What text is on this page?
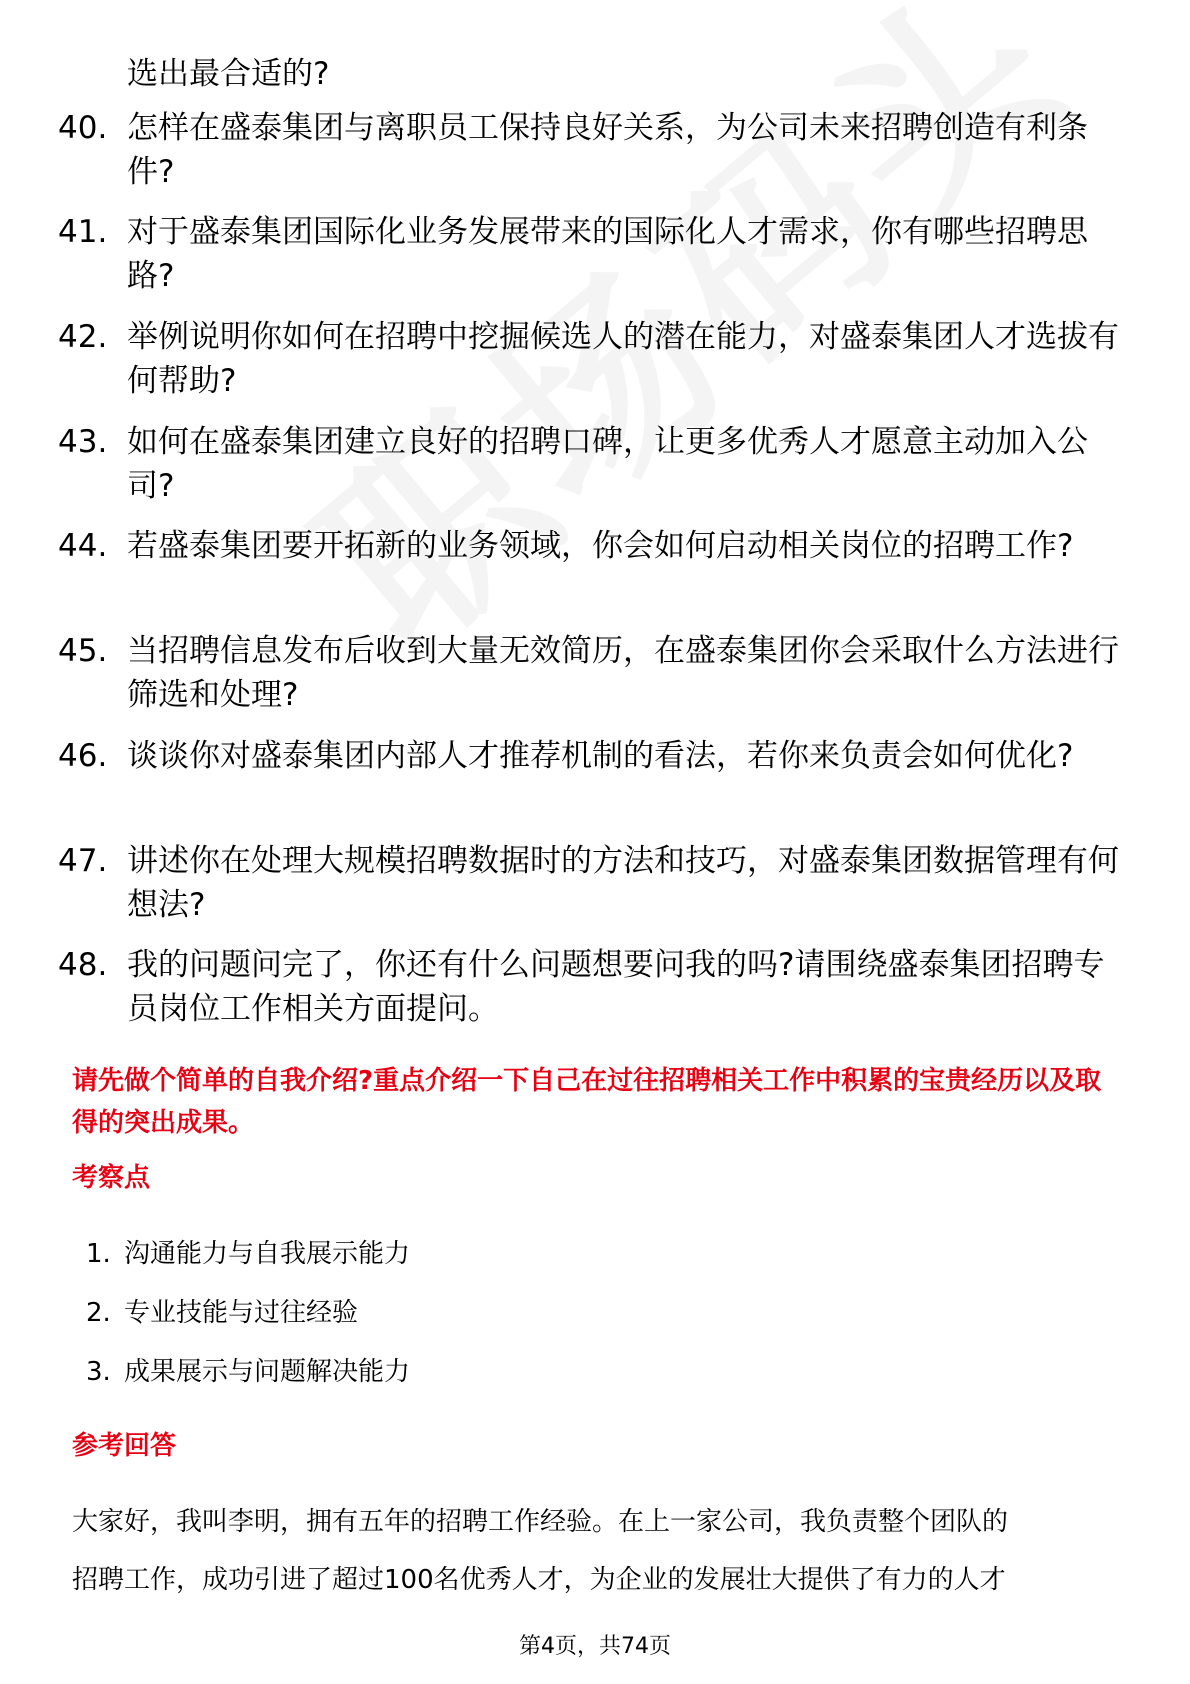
选出最合适的?
40. 怎样在盛泰集团与离职员工保持良好关系，为公司未来招聘创造有利条件?
41. 对于盛泰集团国际化业务发展带来的国际化人才需求，你有哪些招聘思路?
42. 举例说明你如何在招聘中挖掘候选人的潜在能力，对盛泰集团人才选拔有何帮助?
43. 如何在盛泰集团建立良好的招聘口碑，让更多优秀人才愿意主动加入公司?
44. 若盛泰集团要开拓新的业务领域，你会如何启动相关岗位的招聘工作?
45. 当招聘信息发布后收到大量无效简历，在盛泰集团你会采取什么方法进行筛选和处理?
46. 谈谈你对盛泰集团内部人才推荐机制的看法，若你来负责会如何优化?
47. 讲述你在处理大规模招聘数据时的方法和技巧，对盛泰集团数据管理有何想法?
48. 我的问题问完了，你还有什么问题想要问我的吗?请围绕盛泰集团招聘专员岗位工作相关方面提问。
请先做个简单的自我介绍?重点介绍一下自己在过往招聘相关工作中积累的宝贵经历以及取得的突出成果。
考察点
1. 沟通能力与自我展示能力
2. 专业技能与过往经验
3. 成果展示与问题解决能力
参考回答
大家好，我叫李明，拥有五年的招聘工作经验。在上一家公司，我负责整个团队的
招聘工作，成功引进了超过100名优秀人才，为企业的发展壮大提供了有力的人才
第4页，共74页
